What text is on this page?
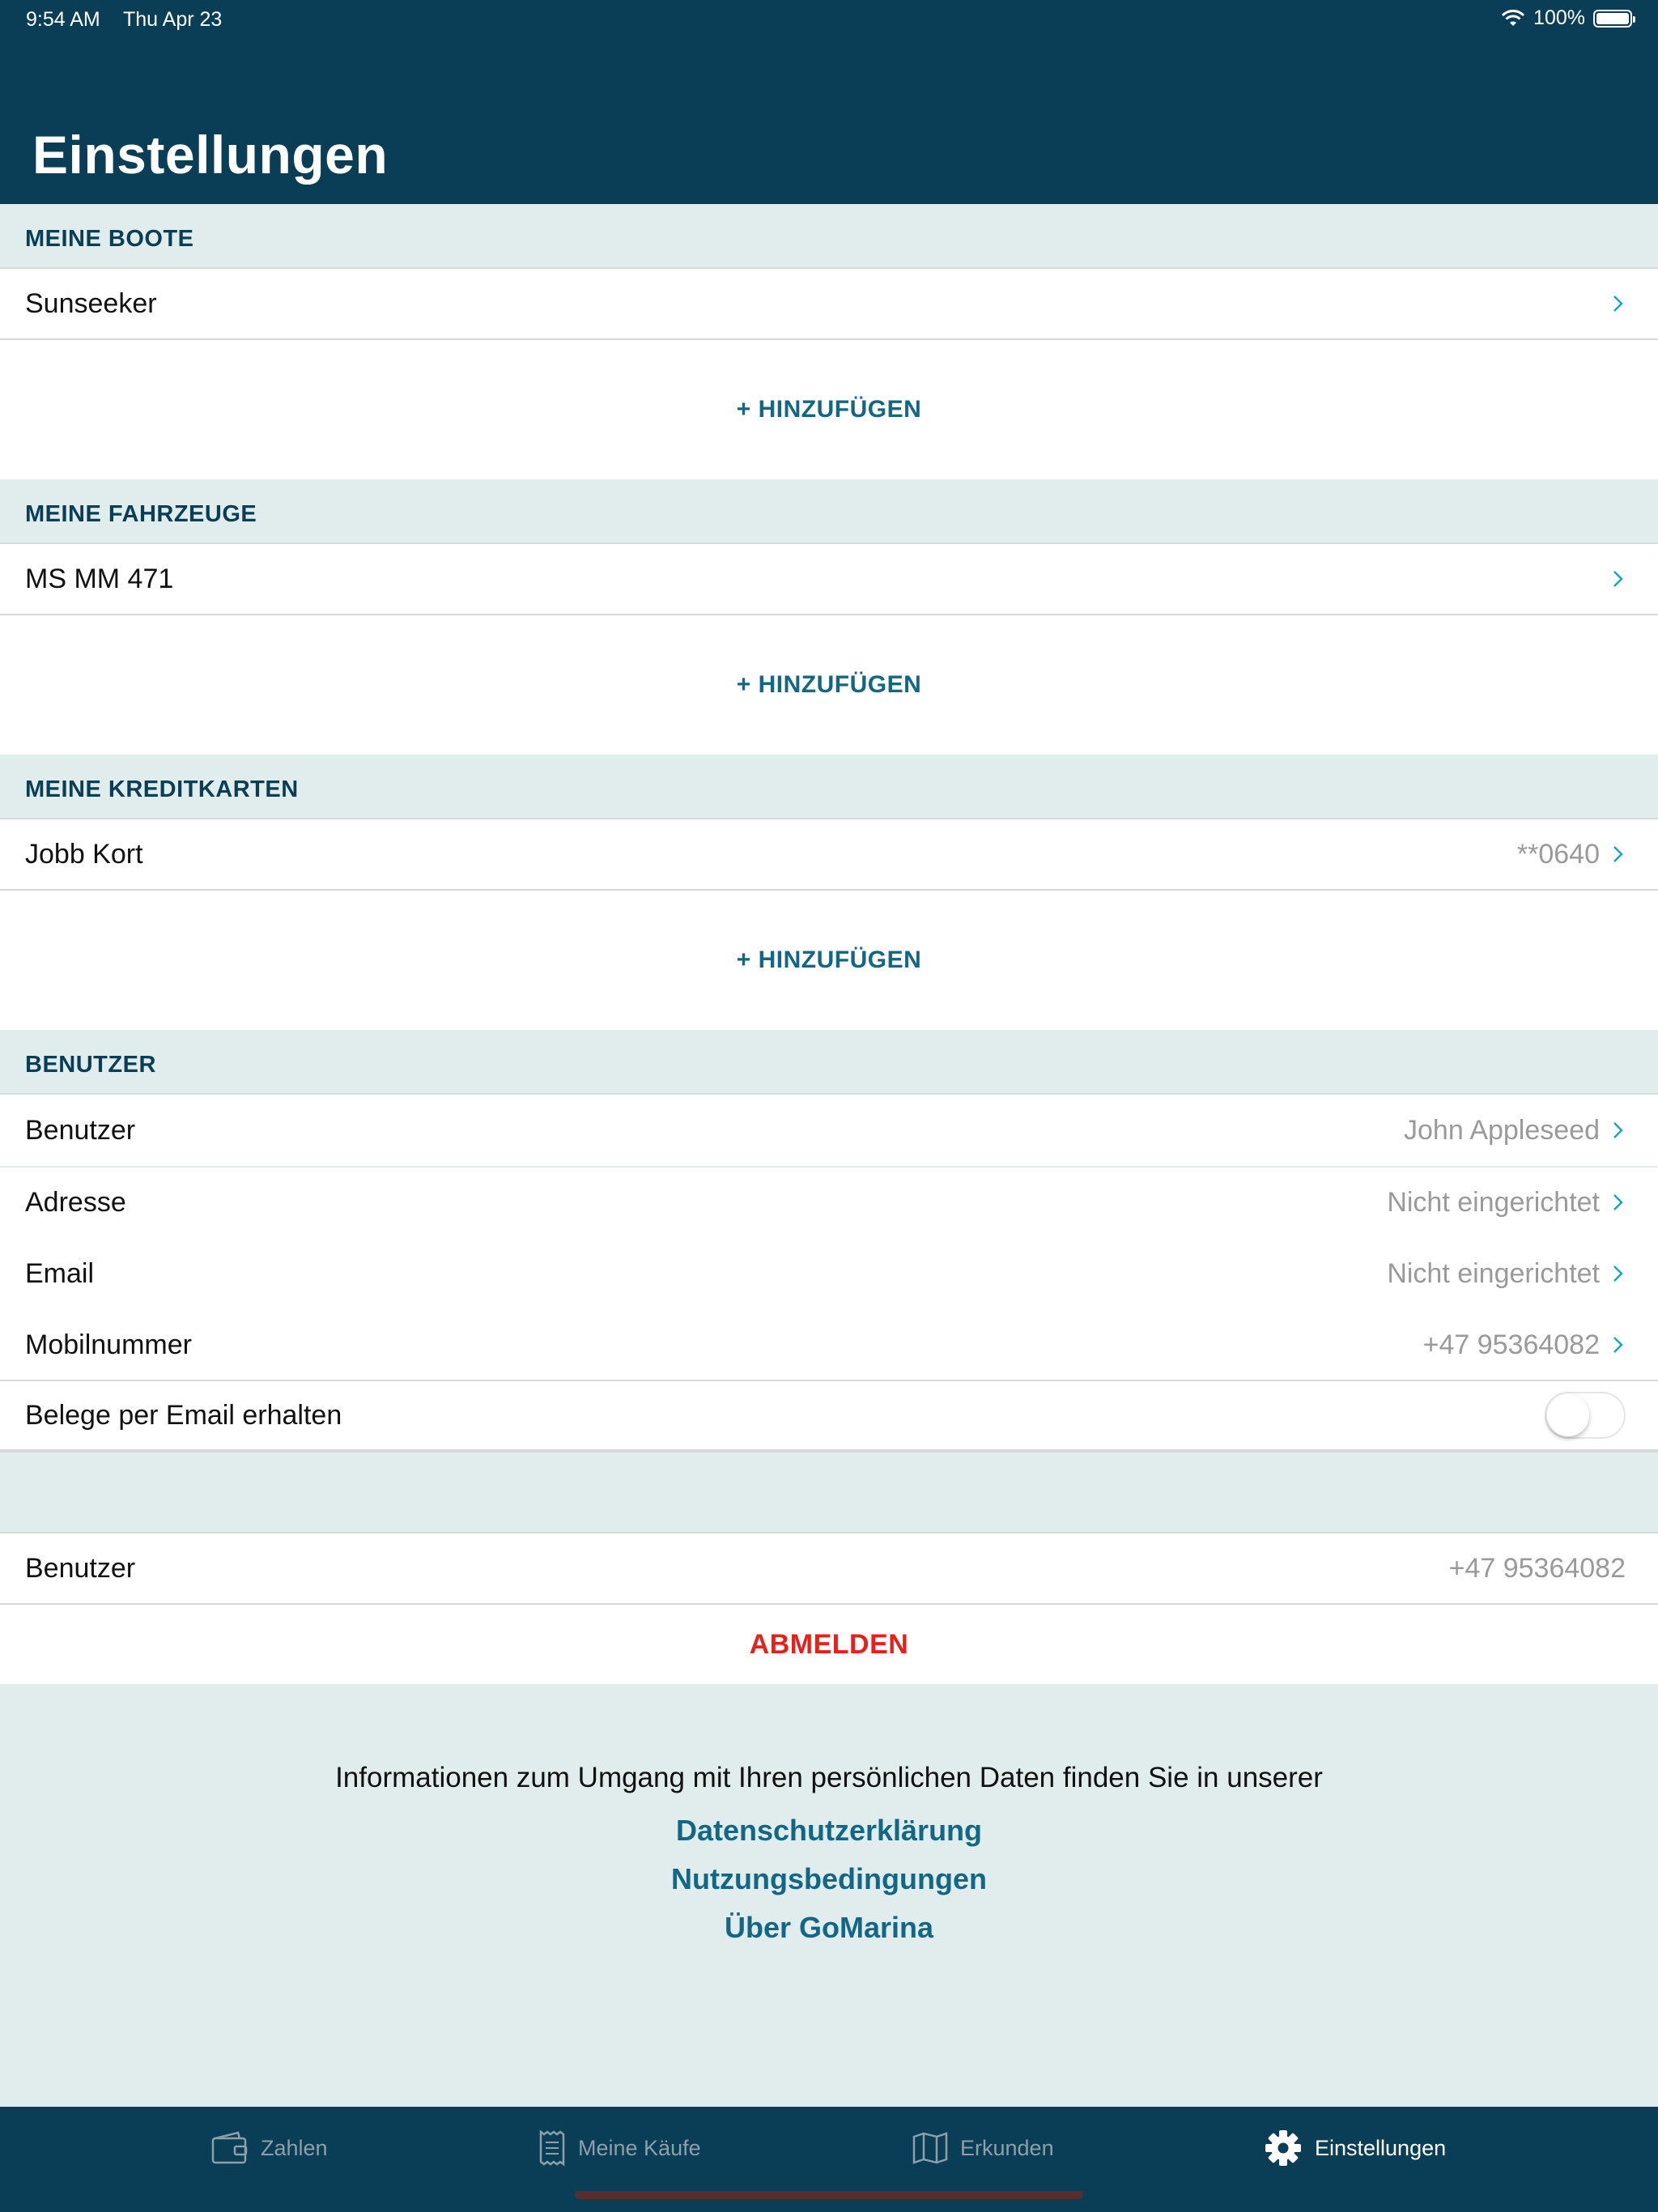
9:54 AM Thu Apr 23	100%
Einstellungen
MEINE BOOTE
Sunseeker
+ HINZUFÜGEN
MEINE FAHRZEUGE
MS MM 471
+ HINZUFÜGEN
MEINE KREDITKARTEN
Jobb Kort	**0640
+ HINZUFÜGEN
BENUTZER
Benutzer	John Appleseed
Adresse	Nicht eingerichtet
Email	Nicht eingerichtet
Mobilnummer	+47 95364082
Belege per Email erhalten
Benutzer	+47 95364082
ABMELDEN
Informationen zum Umgang mit Ihren persönlichen Daten finden Sie in unserer
Datenschutzerklärung
Nutzungsbedingungen
Über GoMarina
Zahlen	Meine Käufe	Erkunden	Einstellungen
